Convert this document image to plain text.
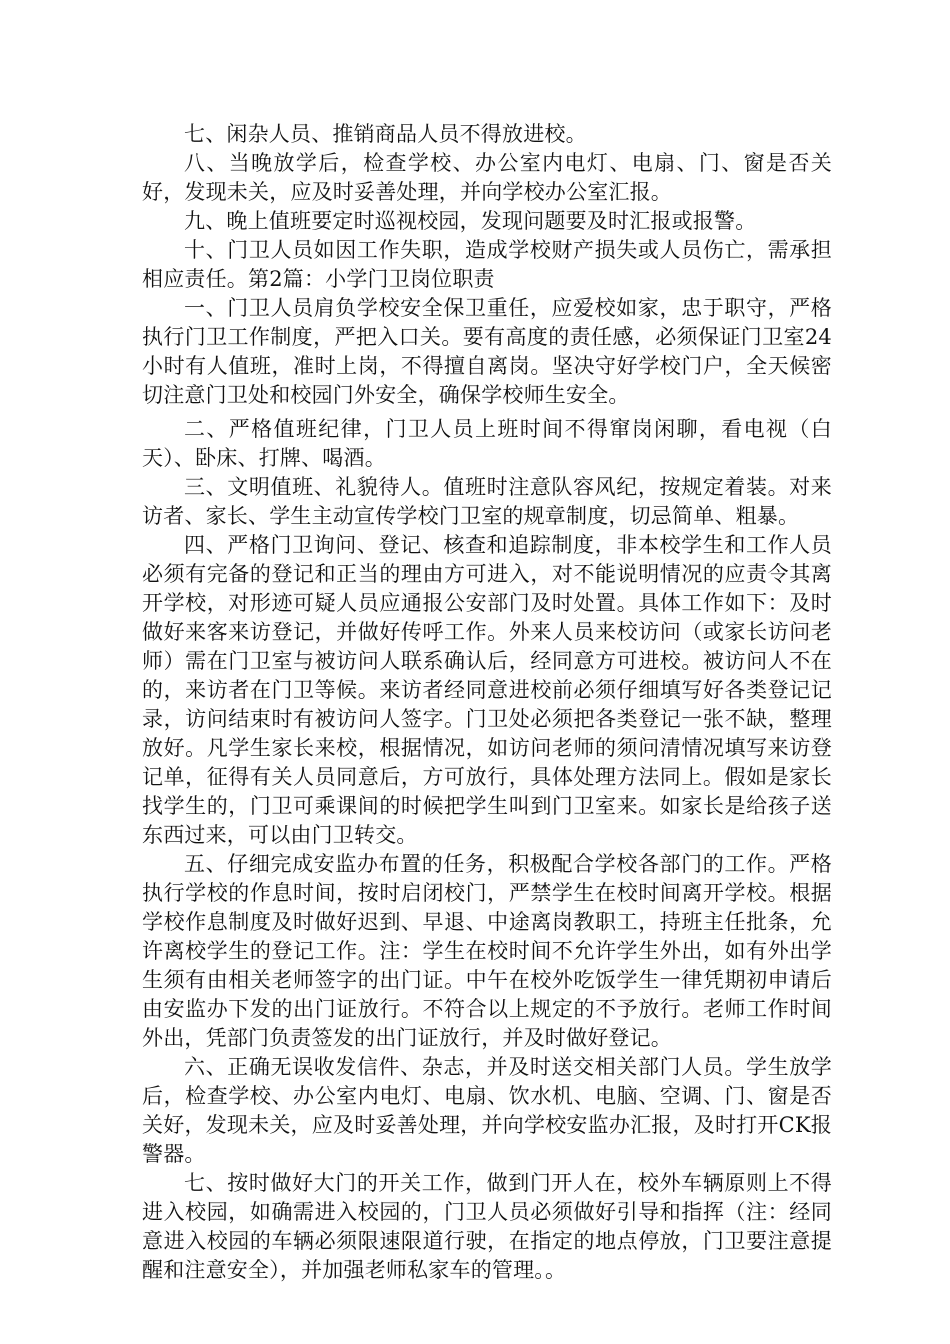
七、闲杂人员、推销商品人员不得放进校。

八、当晚放学后，检查学校、办公室内电灯、电扇、门、窗是否关好，发现未关，应及时妥善处理，并向学校办公室汇报。

九、晚上值班要定时巡视校园，发现问题要及时汇报或报警。

十、门卫人员如因工作失职，造成学校财产损失或人员伤亡，需承担相应责任。第2篇：小学门卫岗位职责

一、门卫人员肩负学校安全保卫重任，应爱校如家，忠于职守，严格执行门卫工作制度，严把入口关。要有高度的责任感，必须保证门卫室24小时有人值班，准时上岗，不得擅自离岗。坚决守好学校门户，全天候密切注意门卫处和校园门外安全，确保学校师生安全。

二、严格值班纪律，门卫人员上班时间不得窜岗闲聊，看电视（白天）、卧床、打牌、喝酒。

三、文明值班、礼貌待人。值班时注意队容风纪，按规定着装。对来访者、家长、学生主动宣传学校门卫室的规章制度，切忌简单、粗暴。

四、严格门卫询问、登记、核查和追踪制度，非本校学生和工作人员必须有完备的登记和正当的理由方可进入，对不能说明情况的应责令其离开学校，对形迹可疑人员应通报公安部门及时处置。具体工作如下：及时做好来客来访登记，并做好传呼工作。外来人员来校访问（或家长访问老师）需在门卫室与被访问人联系确认后，经同意方可进校。被访问人不在的，来访者在门卫等候。来访者经同意进校前必须仔细填写好各类登记记录，访问结束时有被访问人签字。门卫处必须把各类登记一张不缺，整理放好。凡学生家长来校，根据情况，如访问老师的须问清情况填写来访登记单，征得有关人员同意后，方可放行，具体处理方法同上。假如是家长找学生的，门卫可乘课间的时候把学生叫到门卫室来。如家长是给孩子送东西过来，可以由门卫转交。

五、仔细完成安监办布置的任务，积极配合学校各部门的工作。严格执行学校的作息时间，按时启闭校门，严禁学生在校时间离开学校。根据学校作息制度及时做好迟到、早退、中途离岗教职工，持班主任批条，允许离校学生的登记工作。注：学生在校时间不允许学生外出，如有外出学生须有由相关老师签字的出门证。中午在校外吃饭学生一律凭期初申请后由安监办下发的出门证放行。不符合以上规定的不予放行。老师工作时间外出，凭部门负责签发的出门证放行，并及时做好登记。

六、正确无误收发信件、杂志，并及时送交相关部门人员。学生放学后，检查学校、办公室内电灯、电扇、饮水机、电脑、空调、门、窗是否关好，发现未关，应及时妥善处理，并向学校安监办汇报，及时打开CK报警器。

七、按时做好大门的开关工作，做到门开人在，校外车辆原则上不得进入校园，如确需进入校园的，门卫人员必须做好引导和指挥（注：经同意进入校园的车辆必须限速限道行驶，在指定的地点停放，门卫要注意提醒和注意安全），并加强老师私家车的管理。。
